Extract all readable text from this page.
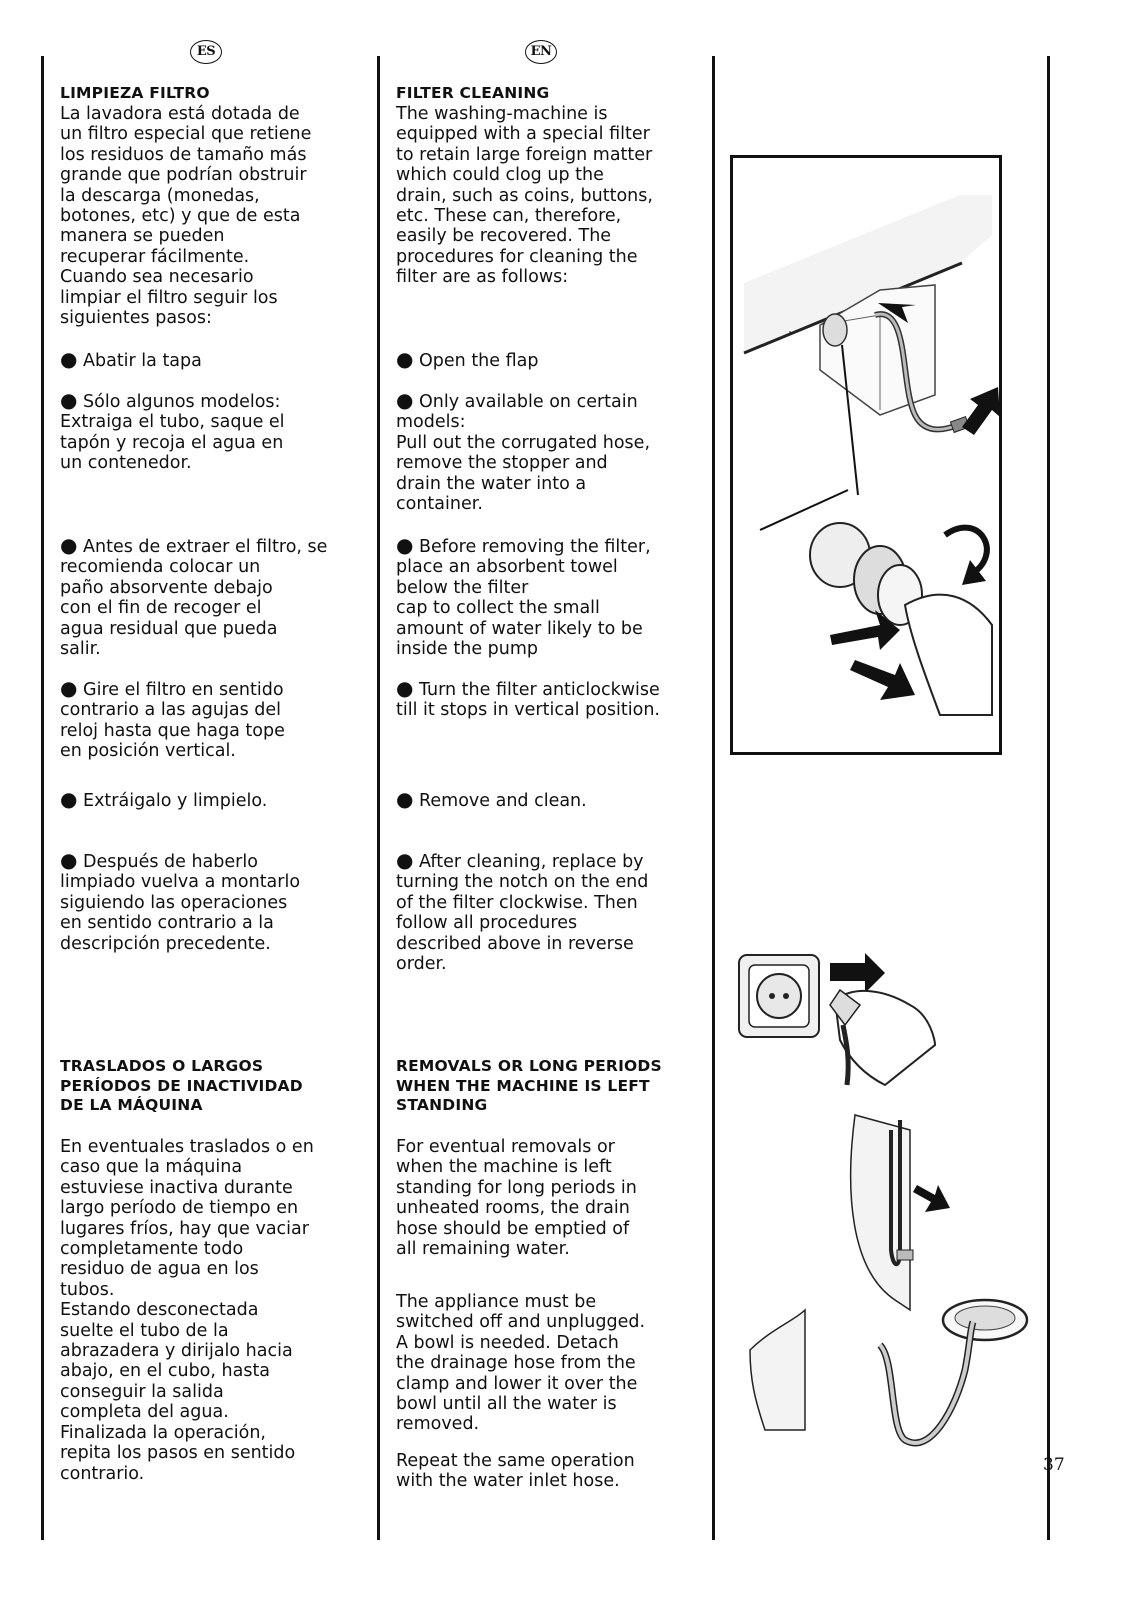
ES	EN

LIMPIEZA FILTRO

La lavadora está dotada de
un filtro especial que retiene
los residuos de tamaño más
grande que podrían obstruir
la descarga (monedas,
botones, etc) y que de esta
manera se pueden
recuperar fácilmente.
Cuando sea necesario
limpiar el filtro seguir los
siguientes pasos:

● Abatir la tapa

● Sólo algunos modelos:
Extraiga el tubo, saque el
tapón y recoja el agua en
un contenedor.

● Antes de extraer el filtro, se
recomienda colocar un
paño absorvente debajo
con el fin de recoger el
agua residual que pueda
salir.

● Gire el filtro en sentido
contrario a las agujas del
reloj hasta que haga tope
en posición vertical.

● Extráigalo y limpielo.

● Después de haberlo
limpiado vuelva a montarlo
siguiendo las operaciones
en sentido contrario a la
descripción precedente.

TRASLADOS O LARGOS
PERÍODOS DE INACTIVIDAD
DE LA MÁQUINA

En eventuales traslados o en
caso que la máquina
estuviese inactiva durante
largo período de tiempo en
lugares fríos, hay que vaciar
completamente todo
residuo de agua en los
tubos.
Estando desconectada
suelte el tubo de la
abrazadera y dirijalo hacia
abajo, en el cubo, hasta
conseguir la salida
completa del agua.
Finalizada la operación,
repita los pasos en sentido
contrario.

FILTER CLEANING

The washing-machine is
equipped with a special filter
to retain large foreign matter
which could clog up the
drain, such as coins, buttons,
etc. These can, therefore,
easily be recovered. The
procedures for cleaning the
filter are as follows:

● Open the flap

● Only available on certain
models:
Pull out the corrugated hose,
remove the stopper and
drain the water into a
container.

● Before removing the filter,
place an absorbent towel
below the filter
cap to collect the small
amount of water likely to be
inside the pump

● Turn the filter anticlockwise
till it stops in vertical position.

● Remove and clean.

● After cleaning, replace by
turning the notch on the end
of the filter clockwise. Then
follow all procedures
described above in reverse
order.

REMOVALS OR LONG PERIODS
WHEN THE MACHINE IS LEFT
STANDING

For eventual removals or
when the machine is left
standing for long periods in
unheated rooms, the drain
hose should be emptied of
all remaining water.

The appliance must be
switched off and unplugged.
A bowl is needed. Detach
the drainage hose from the
clamp and lower it over the
bowl until all the water is
removed.

Repeat the same operation
with the water inlet hose.

37
